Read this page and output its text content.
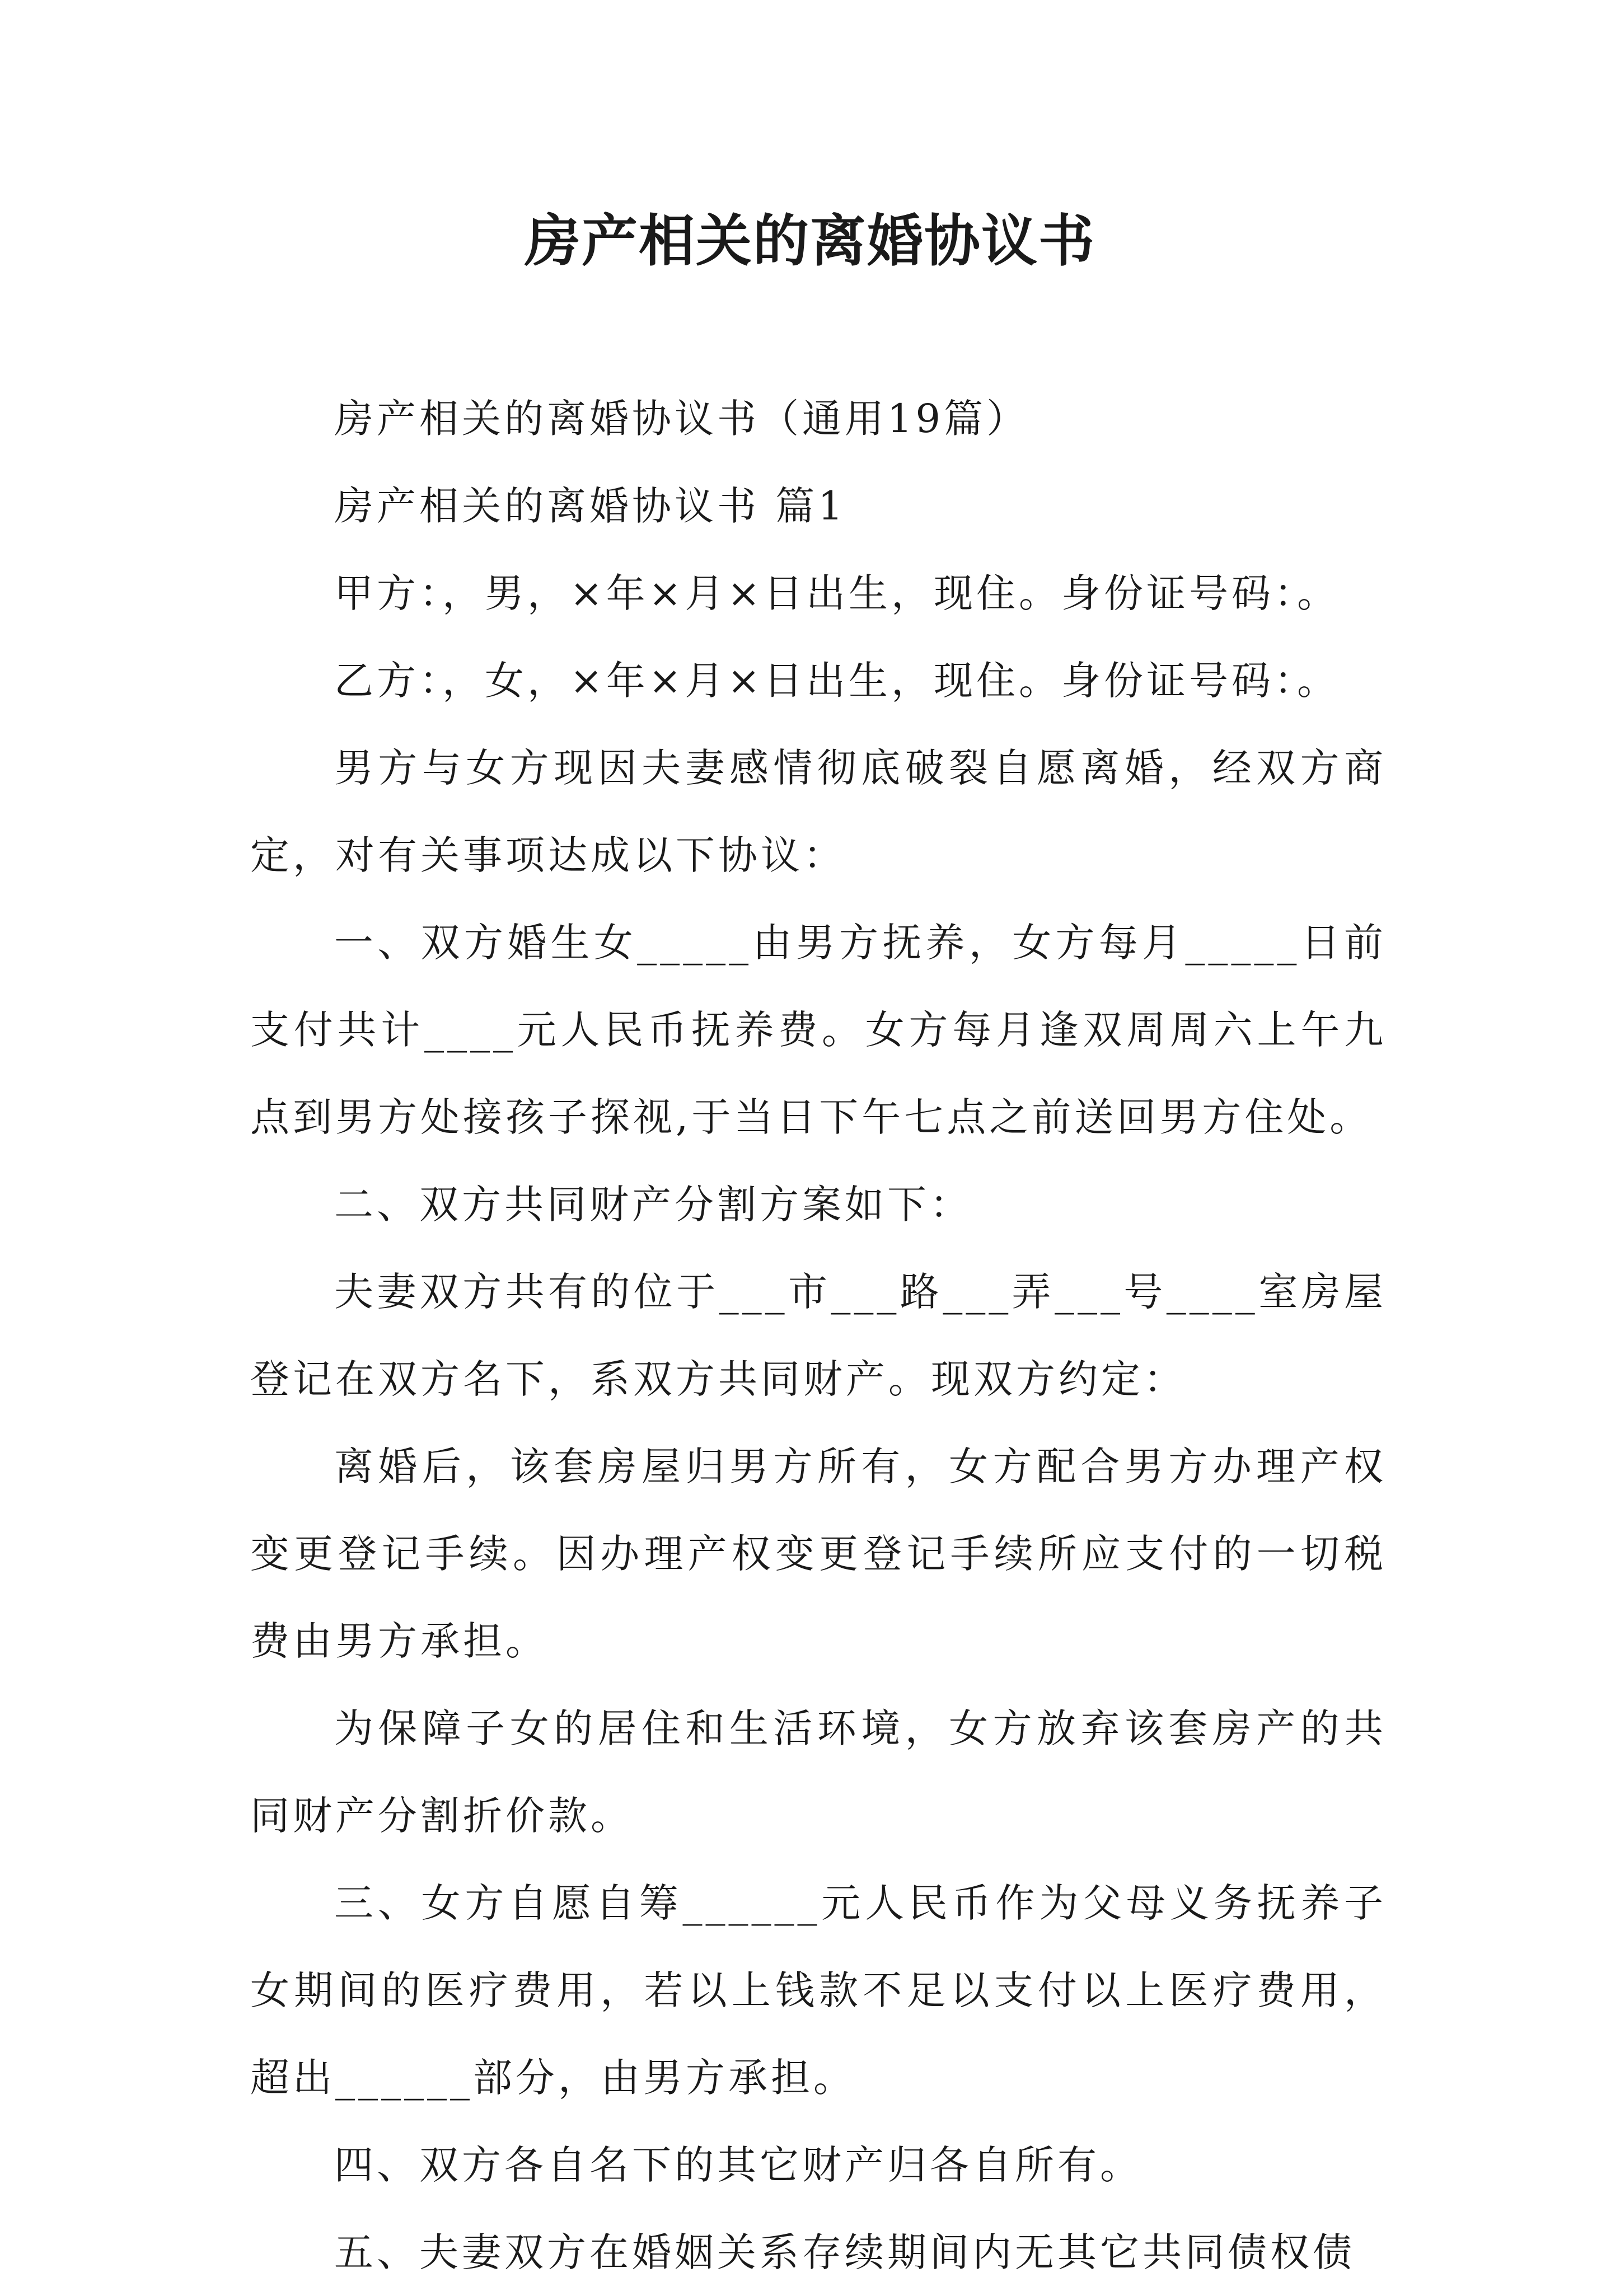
房产相关的离婚协议书

房产相关的离婚协议书（通用19篇）

房产相关的离婚协议书 篇1

甲方：，男，×年×月×日出生，现住。身份证号码：。

乙方：，女，×年×月×日出生，现住。身份证号码：。

男方与女方现因夫妻感情彻底破裂自愿离婚，经双方商定，对有关事项达成以下协议：

一、双方婚生女_____由男方抚养，女方每月_____日前支付共计____元人民币抚养费。女方每月逢双周周六上午九点到男方处接孩子探视,于当日下午七点之前送回男方住处。

二、双方共同财产分割方案如下：

夫妻双方共有的位于___市___路___弄___号____室房屋登记在双方名下，系双方共同财产。现双方约定：

离婚后，该套房屋归男方所有，女方配合男方办理产权变更登记手续。因办理产权变更登记手续所应支付的一切税费由男方承担。

为保障子女的居住和生活环境，女方放弃该套房产的共同财产分割折价款。

三、女方自愿自筹______元人民币作为父母义务抚养子女期间的医疗费用，若以上钱款不足以支付以上医疗费用，超出______部分，由男方承担。

四、双方各自名下的其它财产归各自所有。

五、夫妻双方在婚姻关系存续期间内无其它共同债权债
